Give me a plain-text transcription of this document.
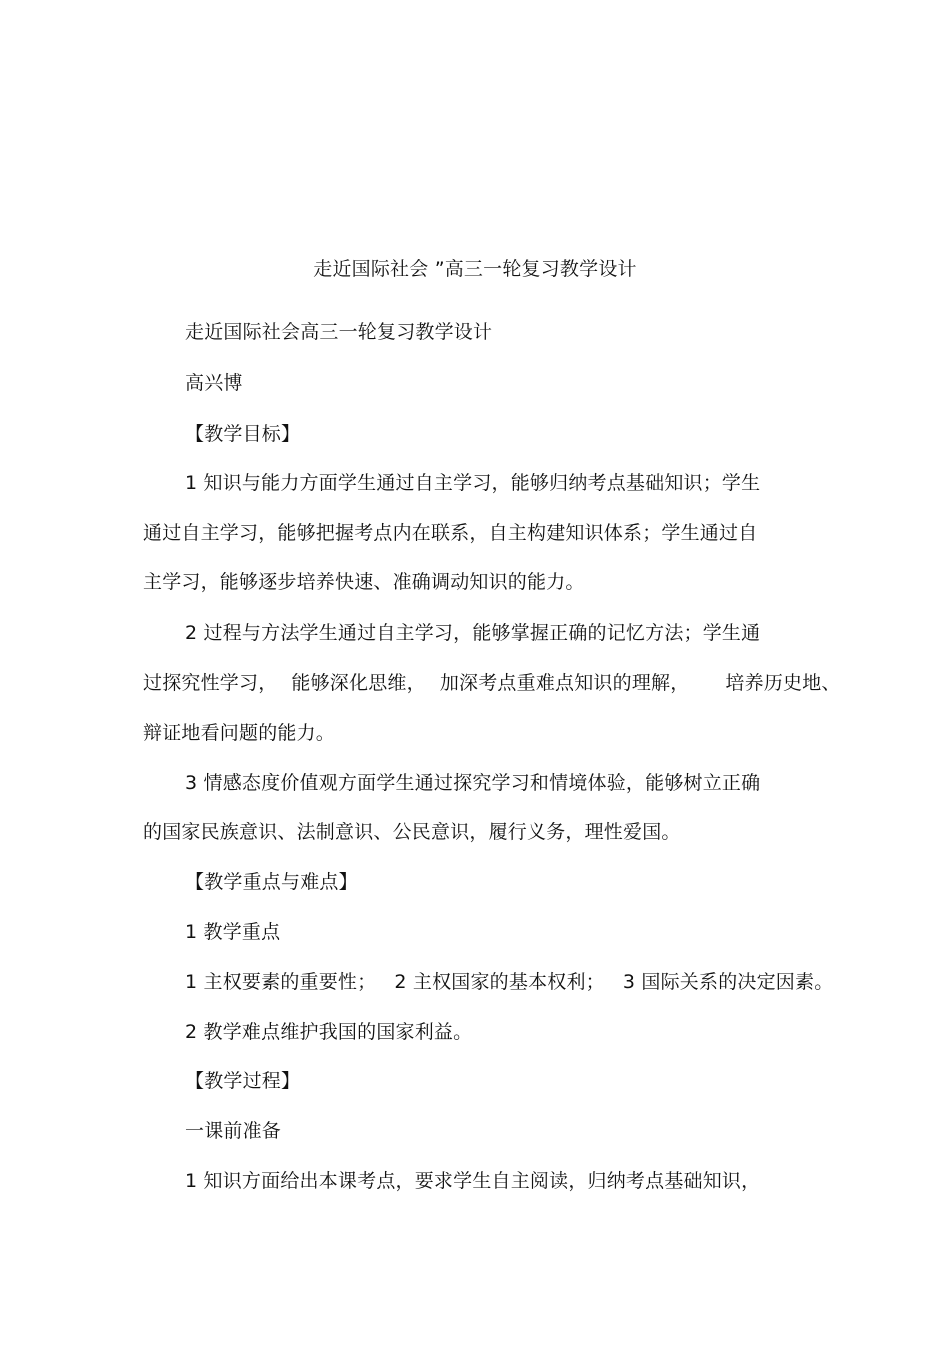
走近国际社会 ”高三一轮复习教学设计
走近国际社会高三一轮复习教学设计
高兴博
【教学目标】
1 知识与能力方面学生通过自主学习，能够归纳考点基础知识；学生
通过自主学习，能够把握考点内在联系，自主构建知识体系；学生通过自
主学习，能够逐步培养快速、准确调动知识的能力。
2 过程与方法学生通过自主学习，能够掌握正确的记忆方法；学生通
过探究性学习， 能够深化思维， 加深考点重难点知识的理解， 培养历史地、
辩证地看问题的能力。
3 情感态度价值观方面学生通过探究学习和情境体验，能够树立正确
的国家民族意识、法制意识、公民意识，履行义务，理性爱国。
【教学重点与难点】
1 教学重点
1 主权要素的重要性； 2 主权国家的基本权利； 3 国际关系的决定因素。
2 教学难点维护我国的国家利益。
【教学过程】
一课前准备
1 知识方面给出本课考点，要求学生自主阅读，归纳考点基础知识，
